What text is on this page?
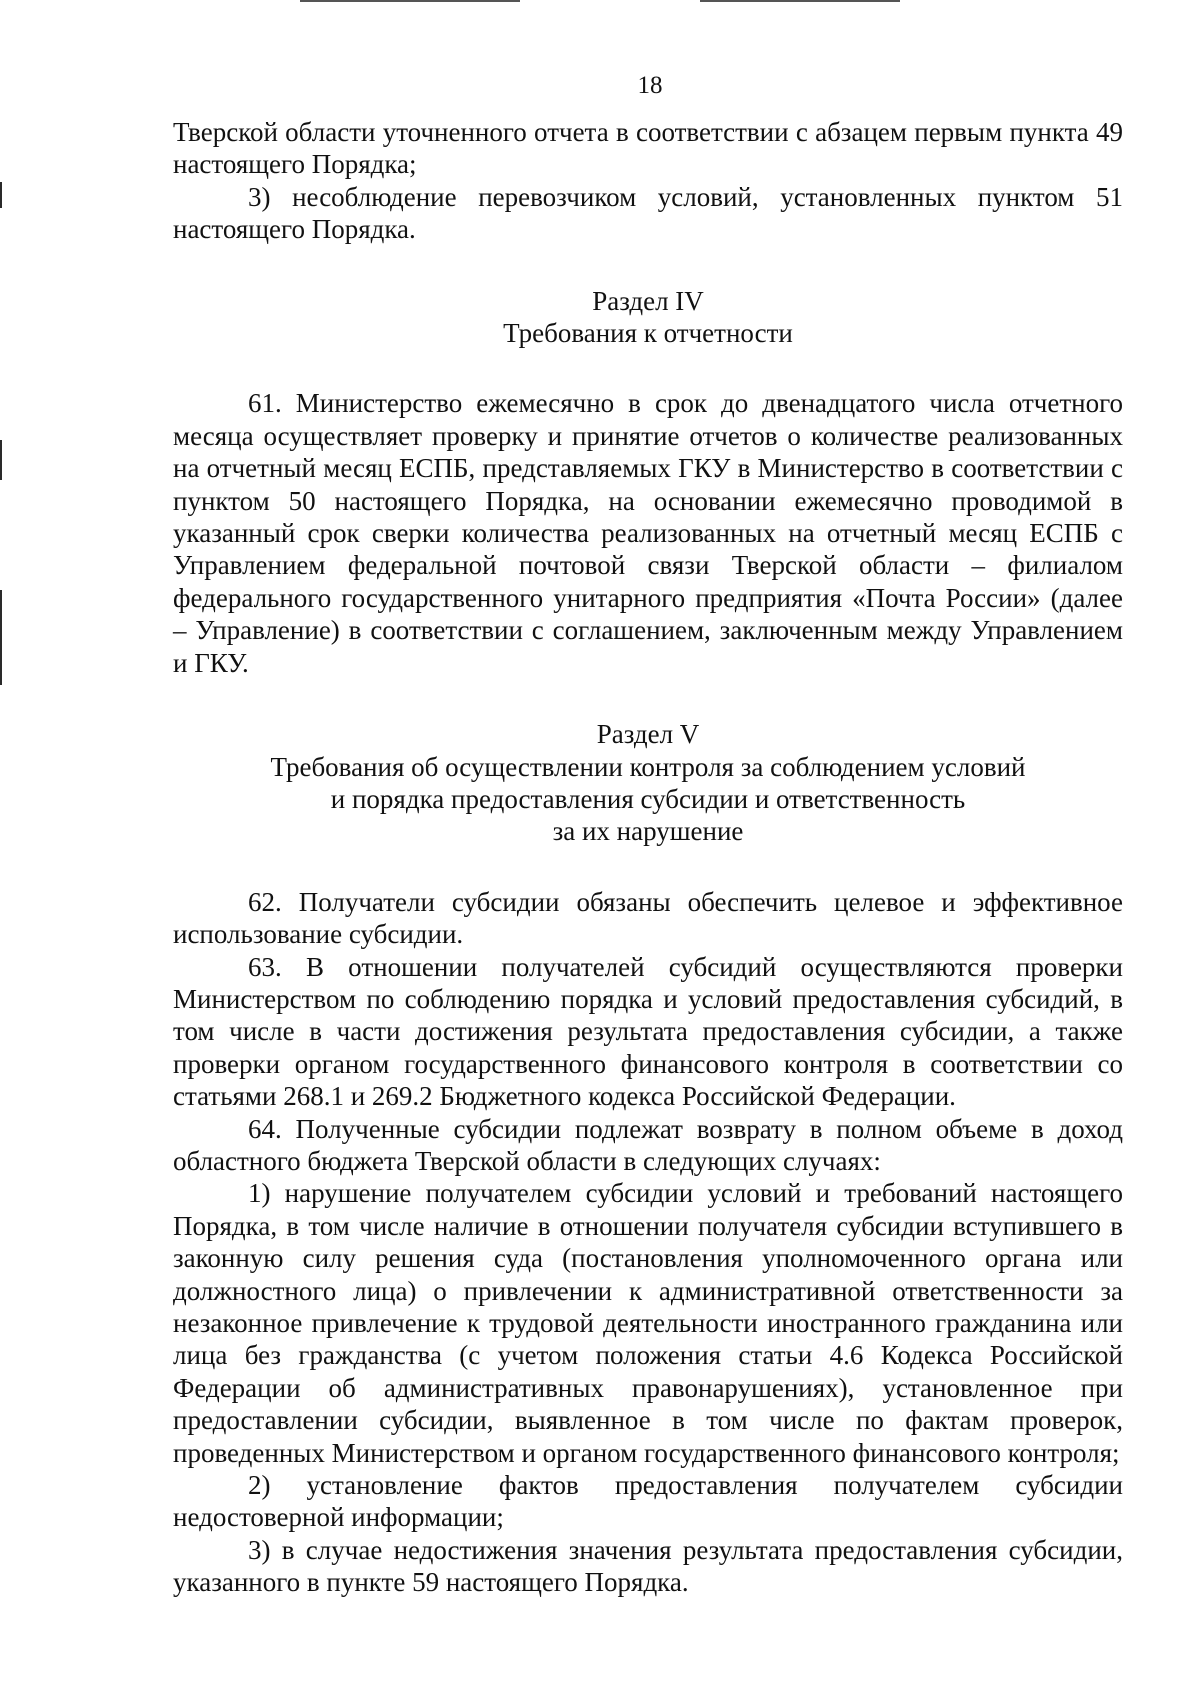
18

Тверской области уточненного отчета в соответствии с абзацем первым пункта 49 настоящего Порядка;

3) несоблюдение перевозчиком условий, установленных пунктом 51 настоящего Порядка.

Раздел IV

Требования к отчетности

61. Министерство ежемесячно в срок до двенадцатого числа отчетного месяца осуществляет проверку и принятие отчетов о количестве реализованных на отчетный месяц ЕСПБ, представляемых ГКУ в Министерство в соответствии с пунктом 50 настоящего Порядка, на основании ежемесячно проводимой в указанный срок сверки количества реализованных на отчетный месяц ЕСПБ с Управлением федеральной почтовой связи Тверской области – филиалом федерального государственного унитарного предприятия «Почта России» (далее – Управление) в соответствии с соглашением, заключенным между Управлением и ГКУ.

Раздел V

Требования об осуществлении контроля за соблюдением условий

и порядка предоставления субсидии и ответственность

за их нарушение

62. Получатели субсидии обязаны обеспечить целевое и эффективное использование субсидии.

63. В отношении получателей субсидий осуществляются проверки Министерством по соблюдению порядка и условий предоставления субсидий, в том числе в части достижения результата предоставления субсидии, а также проверки органом государственного финансового контроля в соответствии со статьями 268.1 и 269.2 Бюджетного кодекса Российской Федерации.

64. Полученные субсидии подлежат возврату в полном объеме в доход областного бюджета Тверской области в следующих случаях:

1) нарушение получателем субсидии условий и требований настоящего Порядка, в том числе наличие в отношении получателя субсидии вступившего в законную силу решения суда (постановления уполномоченного органа или должностного лица) о привлечении к административной ответственности за незаконное привлечение к трудовой деятельности иностранного гражданина или лица без гражданства (с учетом положения статьи 4.6 Кодекса Российской Федерации об административных правонарушениях), установленное при предоставлении субсидии, выявленное в том числе по фактам проверок, проведенных Министерством и органом государственного финансового контроля;

2) установление фактов предоставления получателем субсидии недостоверной информации;

3) в случае недостижения значения результата предоставления субсидии, указанного в пункте 59 настоящего Порядка.
